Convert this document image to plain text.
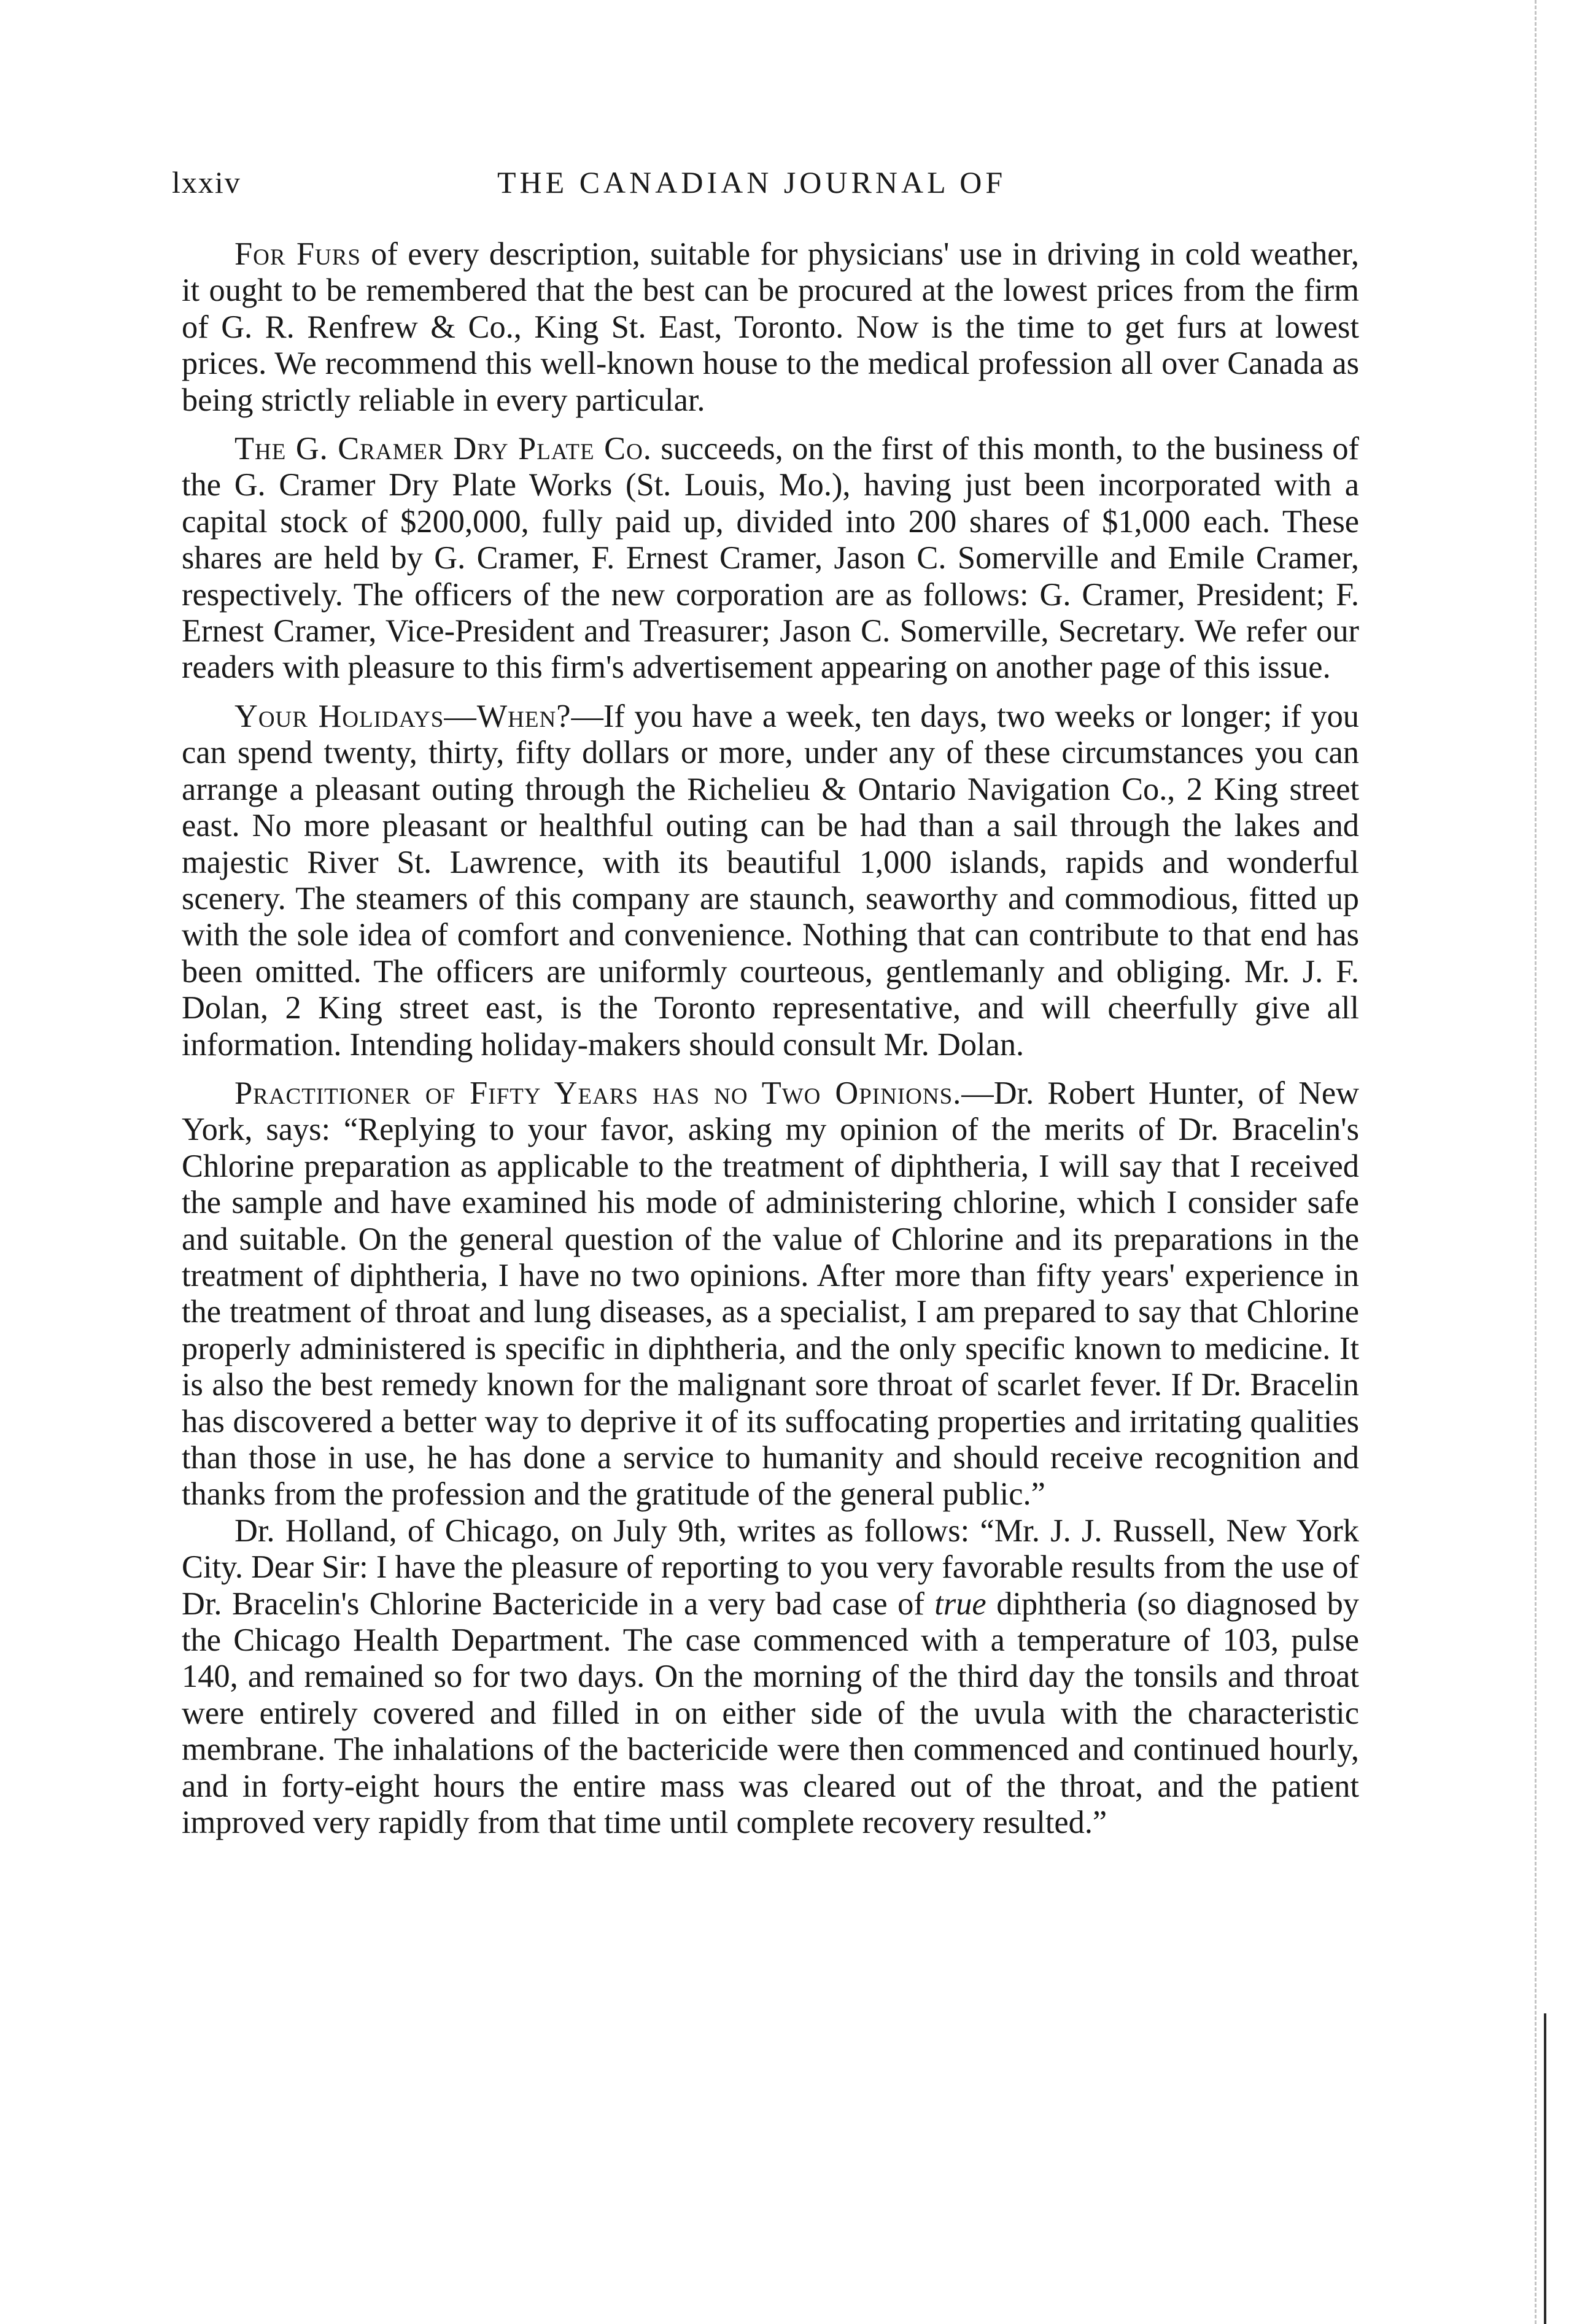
lxxiv	THE CANADIAN JOURNAL OF

For Furs of every description, suitable for physicians' use in driving in cold weather, it ought to be remembered that the best can be procured at the lowest prices from the firm of G. R. Renfrew & Co., King St. East, Toronto. Now is the time to get furs at lowest prices. We recommend this well-known house to the medical profession all over Canada as being strictly reliable in every particular.

The G. Cramer Dry Plate Co. succeeds, on the first of this month, to the business of the G. Cramer Dry Plate Works (St. Louis, Mo.), having just been incorporated with a capital stock of $200,000, fully paid up, divided into 200 shares of $1,000 each. These shares are held by G. Cramer, F. Ernest Cramer, Jason C. Somerville and Emile Cramer, respectively. The officers of the new corporation are as follows: G. Cramer, President; F. Ernest Cramer, Vice-President and Treasurer; Jason C. Somerville, Secretary. We refer our readers with pleasure to this firm's advertisement appearing on another page of this issue.

Your Holidays—When?—If you have a week, ten days, two weeks or longer; if you can spend twenty, thirty, fifty dollars or more, under any of these circumstances you can arrange a pleasant outing through the Richelieu & Ontario Navigation Co., 2 King street east. No more pleasant or healthful outing can be had than a sail through the lakes and majestic River St. Lawrence, with its beautiful 1,000 islands, rapids and wonderful scenery. The steamers of this company are staunch, seaworthy and commodious, fitted up with the sole idea of comfort and convenience. Nothing that can contribute to that end has been omitted. The officers are uniformly courteous, gentlemanly and obliging. Mr. J. F. Dolan, 2 King street east, is the Toronto representative, and will cheerfully give all information. Intending holiday-makers should consult Mr. Dolan.

Practitioner of Fifty Years has no Two Opinions.—Dr. Robert Hunter, of New York, says: “Replying to your favor, asking my opinion of the merits of Dr. Bracelin's Chlorine preparation as applicable to the treatment of diphtheria, I will say that I received the sample and have examined his mode of administering chlorine, which I consider safe and suitable. On the general question of the value of Chlorine and its preparations in the treatment of diphtheria, I have no two opinions. After more than fifty years' experience in the treatment of throat and lung diseases, as a specialist, I am prepared to say that Chlorine properly administered is specific in diphtheria, and the only specific known to medicine. It is also the best remedy known for the malignant sore throat of scarlet fever. If Dr. Bracelin has discovered a better way to deprive it of its suffocating properties and irritating qualities than those in use, he has done a service to humanity and should receive recognition and thanks from the profession and the gratitude of the general public.”

Dr. Holland, of Chicago, on July 9th, writes as follows: “Mr. J. J. Russell, New York City. Dear Sir: I have the pleasure of reporting to you very favorable results from the use of Dr. Bracelin's Chlorine Bactericide in a very bad case of true diphtheria (so diagnosed by the Chicago Health Department. The case commenced with a temperature of 103, pulse 140, and remained so for two days. On the morning of the third day the tonsils and throat were entirely covered and filled in on either side of the uvula with the characteristic membrane. The inhalations of the bactericide were then commenced and continued hourly, and in forty-eight hours the entire mass was cleared out of the throat, and the patient improved very rapidly from that time until complete recovery resulted.”
